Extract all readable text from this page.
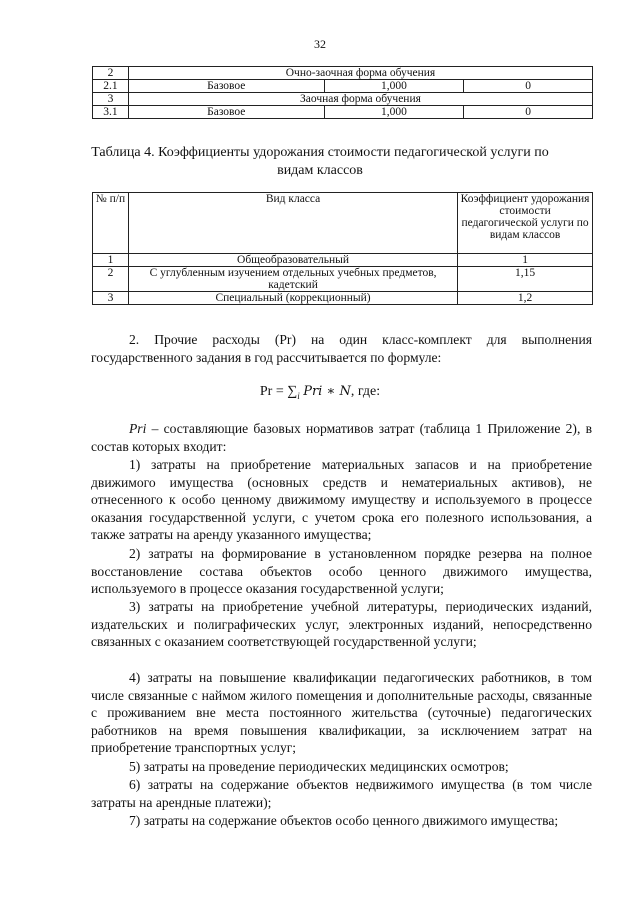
32
2	Очно-заочная форма обучения		
2.1	Базовое	1,000	0
3	Заочная форма обучения		
3.1	Базовое	1,000	0
Таблица 4. Коэффициенты удорожания стоимости педагогической услуги по видам классов
№ п/п	Вид класса	Коэффициент удорожания стоимости педагогической услуги по видам классов
1	Общеобразовательный	1
2	С углубленным изучением отдельных учебных предметов, кадетский	1,15
3	Специальный (коррекционный)	1,2

2. Прочие расходы (Pr) на один класс-комплект для выполнения государственного задания в год рассчитывается по формуле:

$Pr = \sum_i$ Pri ∗ N, где:

Pri – составляющие базовых нормативов затрат (таблица 1 Приложение 2), в состав которых входит:

1) затраты на приобретение материальных запасов и на приобретение движимого имущества (основных средств и нематериальных активов), не отнесенного к особо ценному движимому имуществу и используемого в процессе оказания государственной услуги, с учетом срока его полезного использования, а также затраты на аренду указанного имущества;

2) затраты на формирование в установленном порядке резерва на полное восстановление состава объектов особо ценного движимого имущества, используемого в процессе оказания государственной услуги;

3) затраты на приобретение учебной литературы, периодических изданий, издательских и полиграфических услуг, электронных изданий, непосредственно связанных с оказанием соответствующей государственной услуги;

4) затраты на повышение квалификации педагогических работников, в том числе связанные с наймом жилого помещения и дополнительные расходы, связанные с проживанием вне места постоянного жительства (суточные) педагогических работников на время повышения квалификации, за исключением затрат на приобретение транспортных услуг;

5) затраты на проведение периодических медицинских осмотров;

6) затраты на содержание объектов недвижимого имущества (в том числе затраты на арендные платежи);

7) затраты на содержание объектов особо ценного движимого имущества;
